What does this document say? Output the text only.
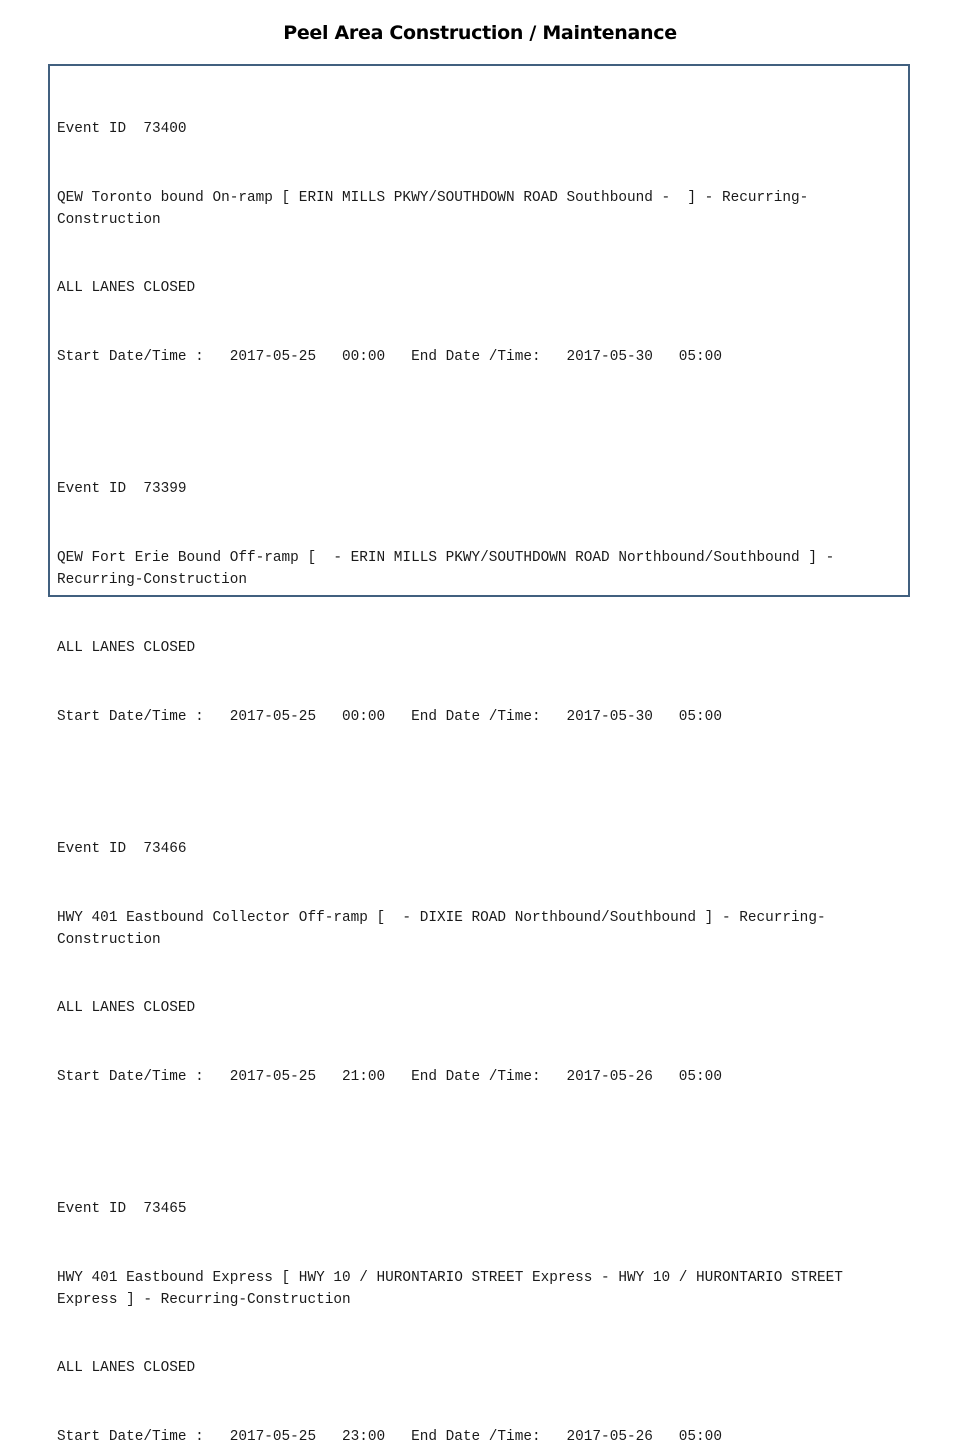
Peel Area Construction / Maintenance

Event ID  73400

QEW Toronto bound On-ramp [ ERIN MILLS PKWY/SOUTHDOWN ROAD Southbound -  ] - Recurring-Construction

ALL LANES CLOSED

Start Date/Time :   2017-05-25   00:00   End Date /Time:   2017-05-30   05:00

Event ID  73399

QEW Fort Erie Bound Off-ramp [  - ERIN MILLS PKWY/SOUTHDOWN ROAD Northbound/Southbound ] - Recurring-Construction

ALL LANES CLOSED

Start Date/Time :   2017-05-25   00:00   End Date /Time:   2017-05-30   05:00

Event ID  73466

HWY 401 Eastbound Collector Off-ramp [  - DIXIE ROAD Northbound/Southbound ] - Recurring-Construction

ALL LANES CLOSED

Start Date/Time :   2017-05-25   21:00   End Date /Time:   2017-05-26   05:00

Event ID  73465

HWY 401 Eastbound Express [ HWY 10 / HURONTARIO STREET Express - HWY 10 / HURONTARIO STREET Express ] - Recurring-Construction

ALL LANES CLOSED

Start Date/Time :   2017-05-25   23:00   End Date /Time:   2017-05-26   05:00
